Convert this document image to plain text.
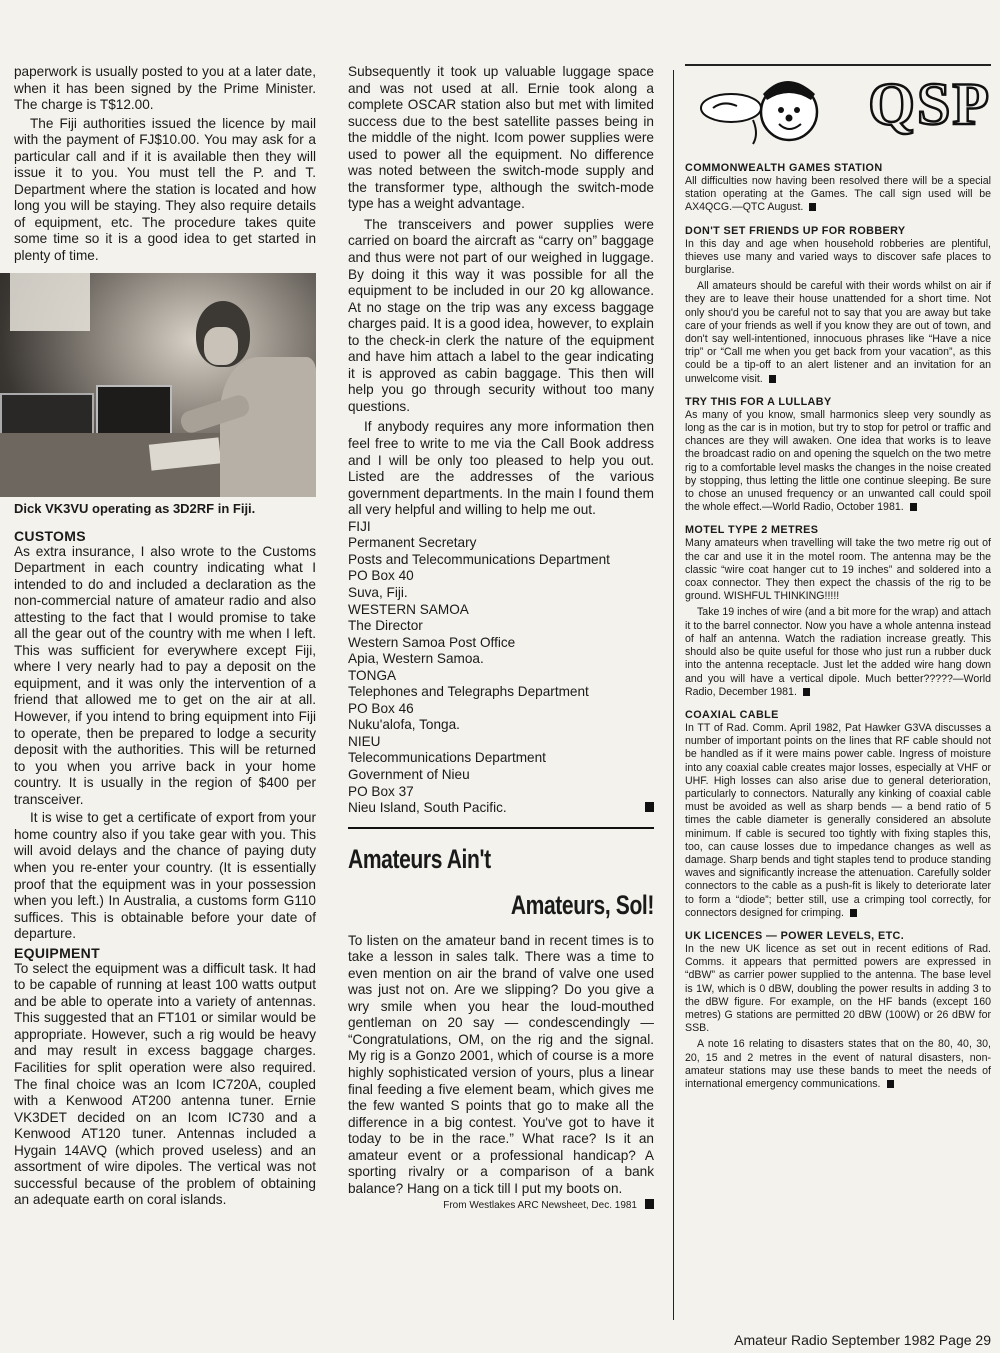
paperwork is usually posted to you at a later date, when it has been signed by the Prime Minister. The charge is T$12.00.

The Fiji authorities issued the licence by mail with the payment of FJ$10.00. You may ask for a particular call and if it is available then they will issue it to you. You must tell the P. and T. Department where the station is located and how long you will be staying. They also require details of equipment, etc. The procedure takes quite some time so it is a good idea to get started in plenty of time.

Dick VK3VU operating as 3D2RF in Fiji.

CUSTOMS

As extra insurance, I also wrote to the Customs Department in each country indicating what I intended to do and included a declaration as the non-commercial nature of amateur radio and also attesting to the fact that I would promise to take all the gear out of the country with me when I left. This was sufficient for everywhere except Fiji, where I very nearly had to pay a deposit on the equipment, and it was only the intervention of a friend that allowed me to get on the air at all. However, if you intend to bring equipment into Fiji to operate, then be prepared to lodge a security deposit with the authorities. This will be returned to you when you arrive back in your home country. It is usually in the region of $400 per transceiver.

It is wise to get a certificate of export from your home country also if you take gear with you. This will avoid delays and the chance of paying duty when you re-enter your country. (It is essentially proof that the equipment was in your possession when you left.) In Australia, a customs form G110 suffices. This is obtainable before your date of departure.

EQUIPMENT

To select the equipment was a difficult task. It had to be capable of running at least 100 watts output and be able to operate into a variety of antennas. This suggested that an FT101 or similar would be appropriate. However, such a rig would be heavy and may result in excess baggage charges. Facilities for split operation were also required. The final choice was an Icom IC720A, coupled with a Kenwood AT200 antenna tuner. Ernie VK3DET decided on an Icom IC730 and a Kenwood AT120 tuner. Antennas included a Hygain 14AVQ (which proved useless) and an assortment of wire dipoles. The vertical was not successful because of the problem of obtaining an adequate earth on coral islands.

Subsequently it took up valuable luggage space and was not used at all. Ernie took along a complete OSCAR station also but met with limited success due to the best satellite passes being in the middle of the night. Icom power supplies were used to power all the equipment. No difference was noted between the switch-mode supply and the transformer type, although the switch-mode type has a weight advantage.

The transceivers and power supplies were carried on board the aircraft as “carry on” baggage and thus were not part of our weighed in luggage. By doing it this way it was possible for all the equipment to be included in our 20 kg allowance. At no stage on the trip was any excess baggage charges paid. It is a good idea, however, to explain to the check-in clerk the nature of the equipment and have him attach a label to the gear indicating it is approved as cabin baggage. This then will help you go through security without too many questions.

If anybody requires any more information then feel free to write to me via the Call Book address and I will be only too pleased to help you out. Listed are the addresses of the various government departments. In the main I found them all very helpful and willing to help me out.

FIJI

Permanent Secretary

Posts and Telecommunications Department

PO Box 40

Suva, Fiji.

WESTERN SAMOA

The Director

Western Samoa Post Office

Apia, Western Samoa.

TONGA

Telephones and Telegraphs Department

PO Box 46

Nuku'alofa, Tonga.

NIEU

Telecommunications Department

Government of Nieu

PO Box 37

Nieu Island, South Pacific.

Amateurs Ain't
Amateurs, Sol!

To listen on the amateur band in recent times is to take a lesson in sales talk. There was a time to even mention on air the brand of valve one used was just not on. Are we slipping? Do you give a wry smile when you hear the loud-mouthed gentleman on 20 say — condescendingly — “Congratulations, OM, on the rig and the signal. My rig is a Gonzo 2001, which of course is a more highly sophisticated version of yours, plus a linear final feeding a five element beam, which gives me the few wanted S points that go to make all the difference in a big contest. You've got to have it today to be in the race.” What race? Is it an amateur event or a professional handicap? A sporting rivalry or a comparison of a bank balance? Hang on a tick till I put my boots on.

From Westlakes ARC Newsheet, Dec. 1981
QSP

COMMONWEALTH GAMES STATION

All difficulties now having been resolved there will be a special station operating at the Games. The call sign used will be AX4QCG.—QTC August.

DON'T SET FRIENDS UP FOR ROBBERY

In this day and age when household robberies are plentiful, thieves use many and varied ways to discover safe places to burglarise.

All amateurs should be careful with their words whilst on air if they are to leave their house unattended for a short time. Not only shou'd you be careful not to say that you are away but take care of your friends as well if you know they are out of town, and don't say well-intentioned, innocuous phrases like “Have a nice trip” or “Call me when you get back from your vacation”, as this could be a tip-off to an alert listener and an invitation for an unwelcome visit.

TRY THIS FOR A LULLABY

As many of you know, small harmonics sleep very soundly as long as the car is in motion, but try to stop for petrol or traffic and chances are they will awaken. One idea that works is to leave the broadcast radio on and opening the squelch on the two metre rig to a comfortable level masks the changes in the noise created by stopping, thus letting the little one continue sleeping. Be sure to chose an unused frequency or an unwanted call could spoil the whole effect.—World Radio, October 1981.

MOTEL TYPE 2 METRES

Many amateurs when travelling will take the two metre rig out of the car and use it in the motel room. The antenna may be the classic “wire coat hanger cut to 19 inches” and soldered into a coax connector. They then expect the chassis of the rig to be ground. WISHFUL THINKING!!!!!

Take 19 inches of wire (and a bit more for the wrap) and attach it to the barrel connector. Now you have a whole antenna instead of half an antenna. Watch the radiation increase greatly. This should also be quite useful for those who just run a rubber duck into the antenna receptacle. Just let the added wire hang down and you will have a vertical dipole. Much better?????—World Radio, December 1981.

COAXIAL CABLE

In TT of Rad. Comm. April 1982, Pat Hawker G3VA discusses a number of important points on the lines that RF cable should not be handled as if it were mains power cable. Ingress of moisture into any coaxial cable creates major losses, especially at VHF or UHF. High losses can also arise due to general deterioration, particularly to connectors. Naturally any kinking of coaxial cable must be avoided as well as sharp bends — a bend ratio of 5 times the cable diameter is generally considered an absolute minimum. If cable is secured too tightly with fixing staples this, too, can cause losses due to impedance changes as well as damage. Sharp bends and tight staples tend to produce standing waves and significantly increase the attenuation. Carefully solder connectors to the cable as a push-fit is likely to deteriorate later to form a “diode”; better still, use a crimping tool correctly, for connectors designed for crimping.

UK LICENCES — POWER LEVELS, ETC.

In the new UK licence as set out in recent editions of Rad. Comms. it appears that permitted powers are expressed in “dBW” as carrier power supplied to the antenna. The base level is 1W, which is 0 dBW, doubling the power results in adding 3 to the dBW figure. For example, on the HF bands (except 160 metres) G stations are permitted 20 dBW (100W) or 26 dBW for SSB.

A note 16 relating to disasters states that on the 80, 40, 30, 20, 15 and 2 metres in the event of natural disasters, non-amateur stations may use these bands to meet the needs of international emergency communications.

Amateur Radio September 1982 Page 29
